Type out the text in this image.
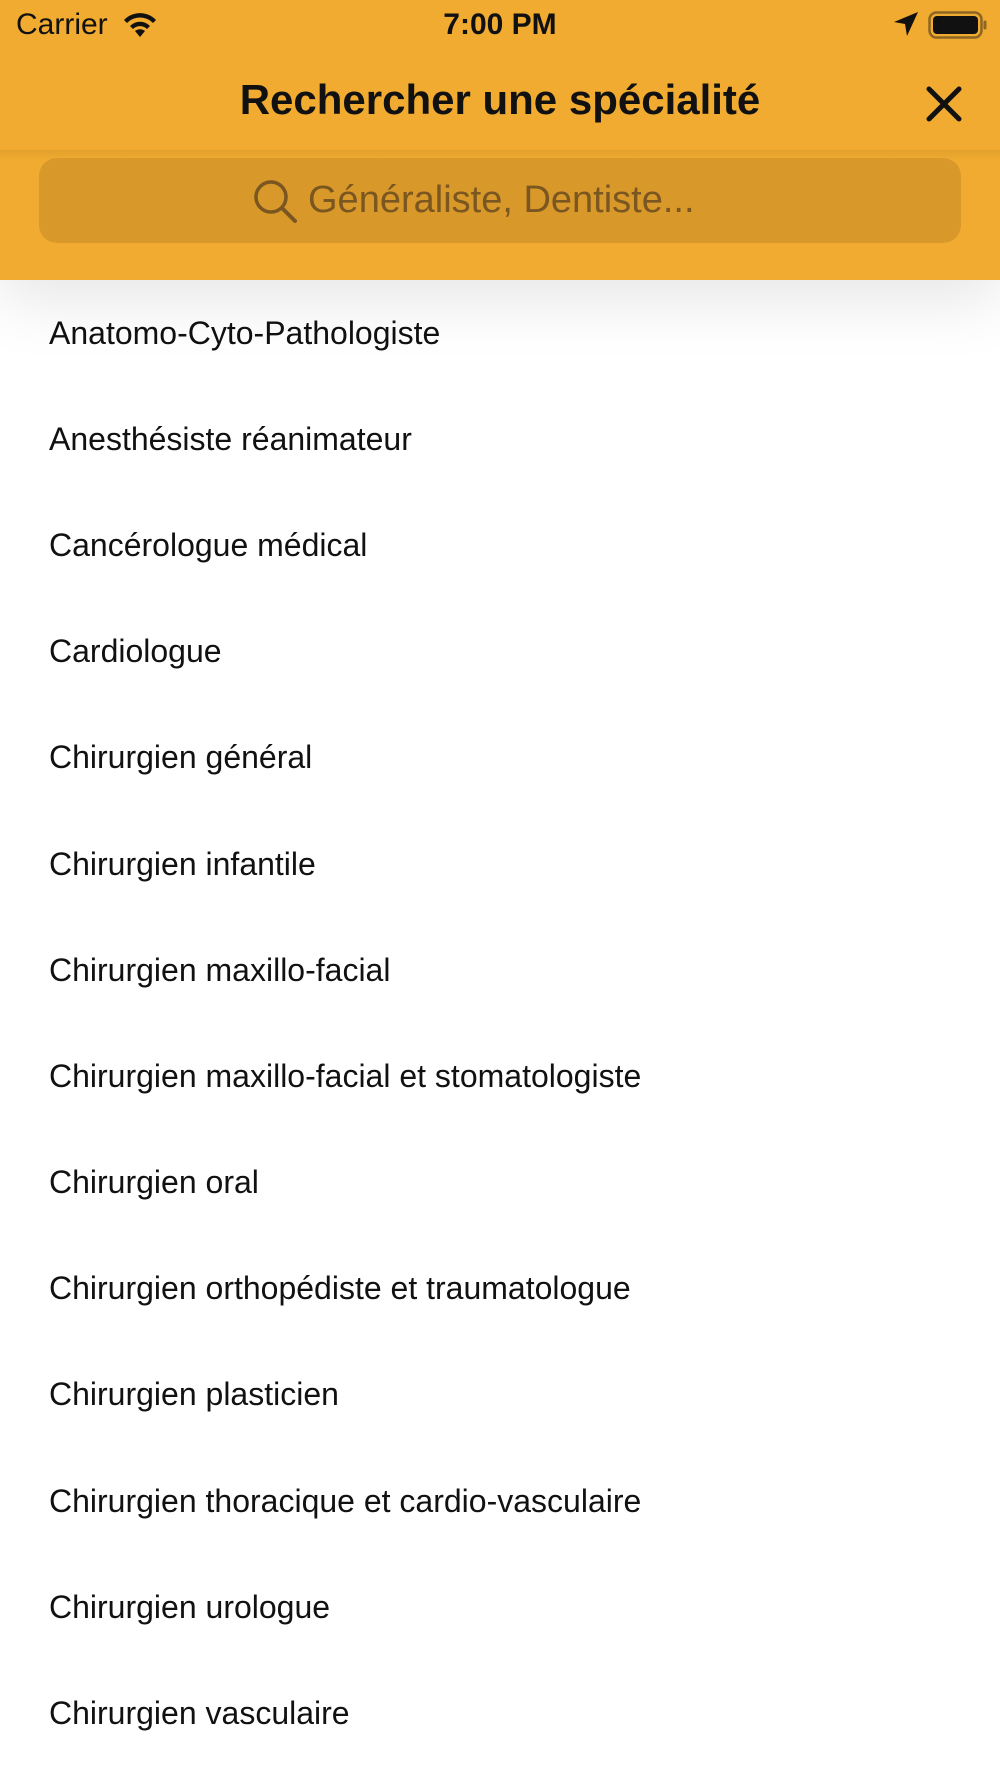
Carrier	7:00 PM
Rechercher une spécialité
Généraliste, Dentiste...
Anatomo-Cyto-Pathologiste
Anesthésiste réanimateur
Cancérologue médical
Cardiologue
Chirurgien général
Chirurgien infantile
Chirurgien maxillo-facial
Chirurgien maxillo-facial et stomatologiste
Chirurgien oral
Chirurgien orthopédiste et traumatologue
Chirurgien plasticien
Chirurgien thoracique et cardio-vasculaire
Chirurgien urologue
Chirurgien vasculaire
